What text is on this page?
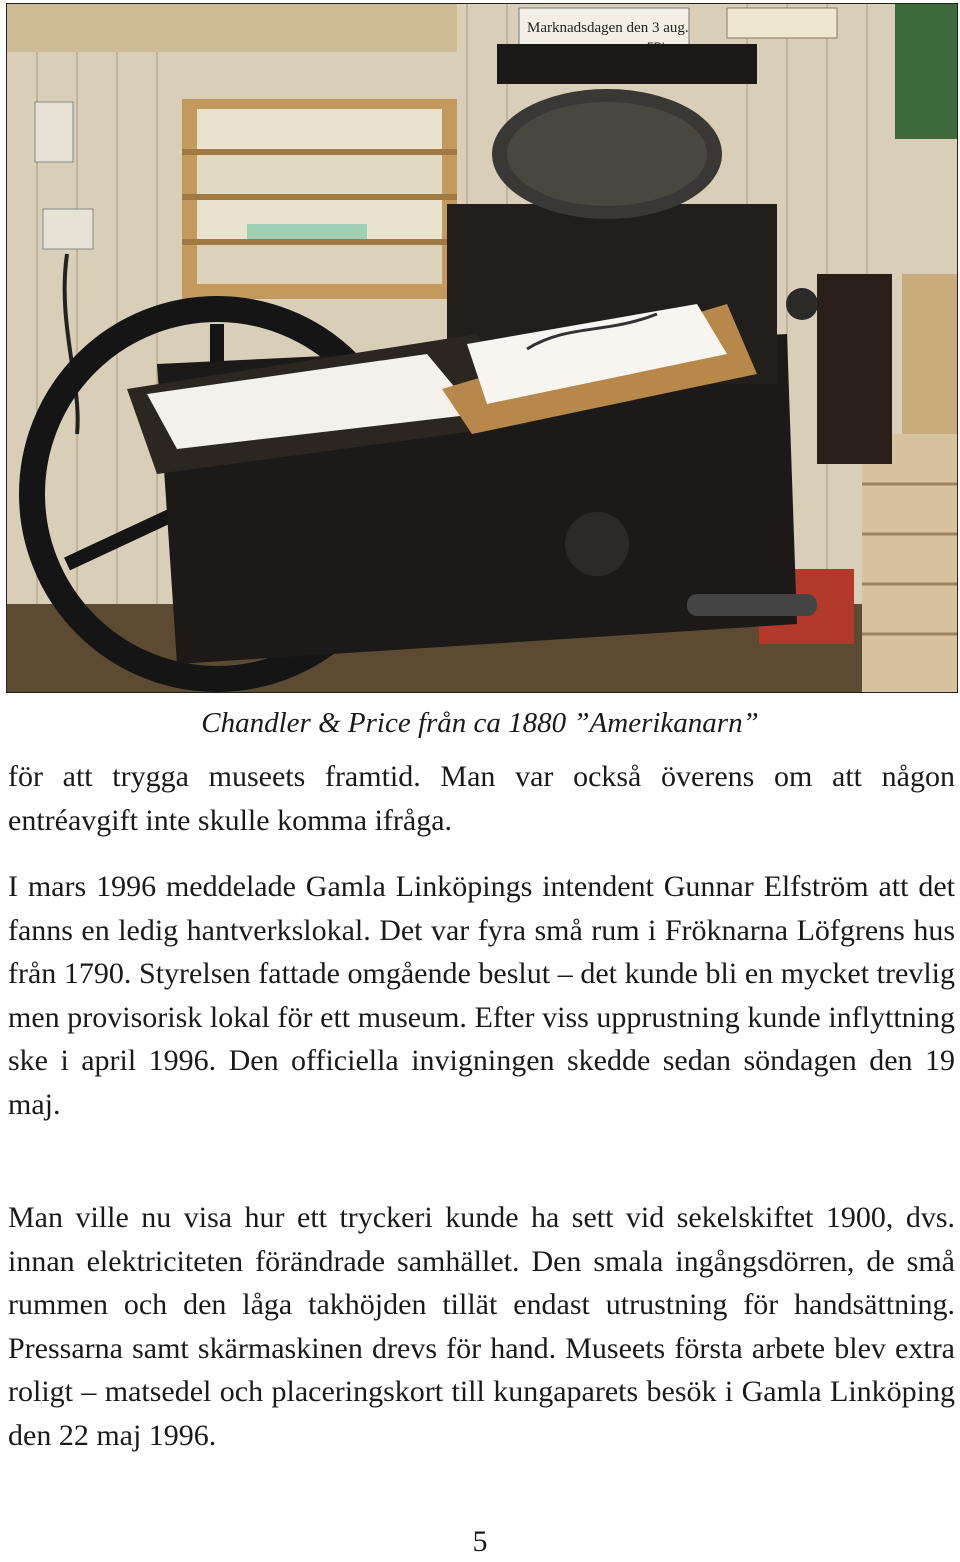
Marknadsdagen den 3 aug.
Chandler & Price från ca 1880 ”Amerikanarn”

för att trygga museets framtid. Man var också överens om att någon entréavgift inte skulle komma ifråga.

I mars 1996 meddelade Gamla Linköpings intendent Gunnar Elfström att det fanns en ledig hantverkslokal. Det var fyra små rum i Fröknarna Löfgrens hus från 1790. Styrelsen fattade omgående beslut – det kunde bli en mycket trevlig men provisorisk lokal för ett museum. Efter viss upprustning kunde inflyttning ske i april 1996. Den officiella invigningen skedde sedan söndagen den 19 maj.

Man ville nu visa hur ett tryckeri kunde ha sett vid sekelskiftet 1900, dvs. innan elektriciteten förändrade samhället. Den smala ingångsdörren, de små rummen och den låga takhöjden tillät endast utrustning för handsättning. Pressarna samt skärmaskinen drevs för hand. Museets första arbete blev extra roligt – matsedel och placeringskort till kungaparets besök i Gamla Linköping den 22 maj 1996.

5
